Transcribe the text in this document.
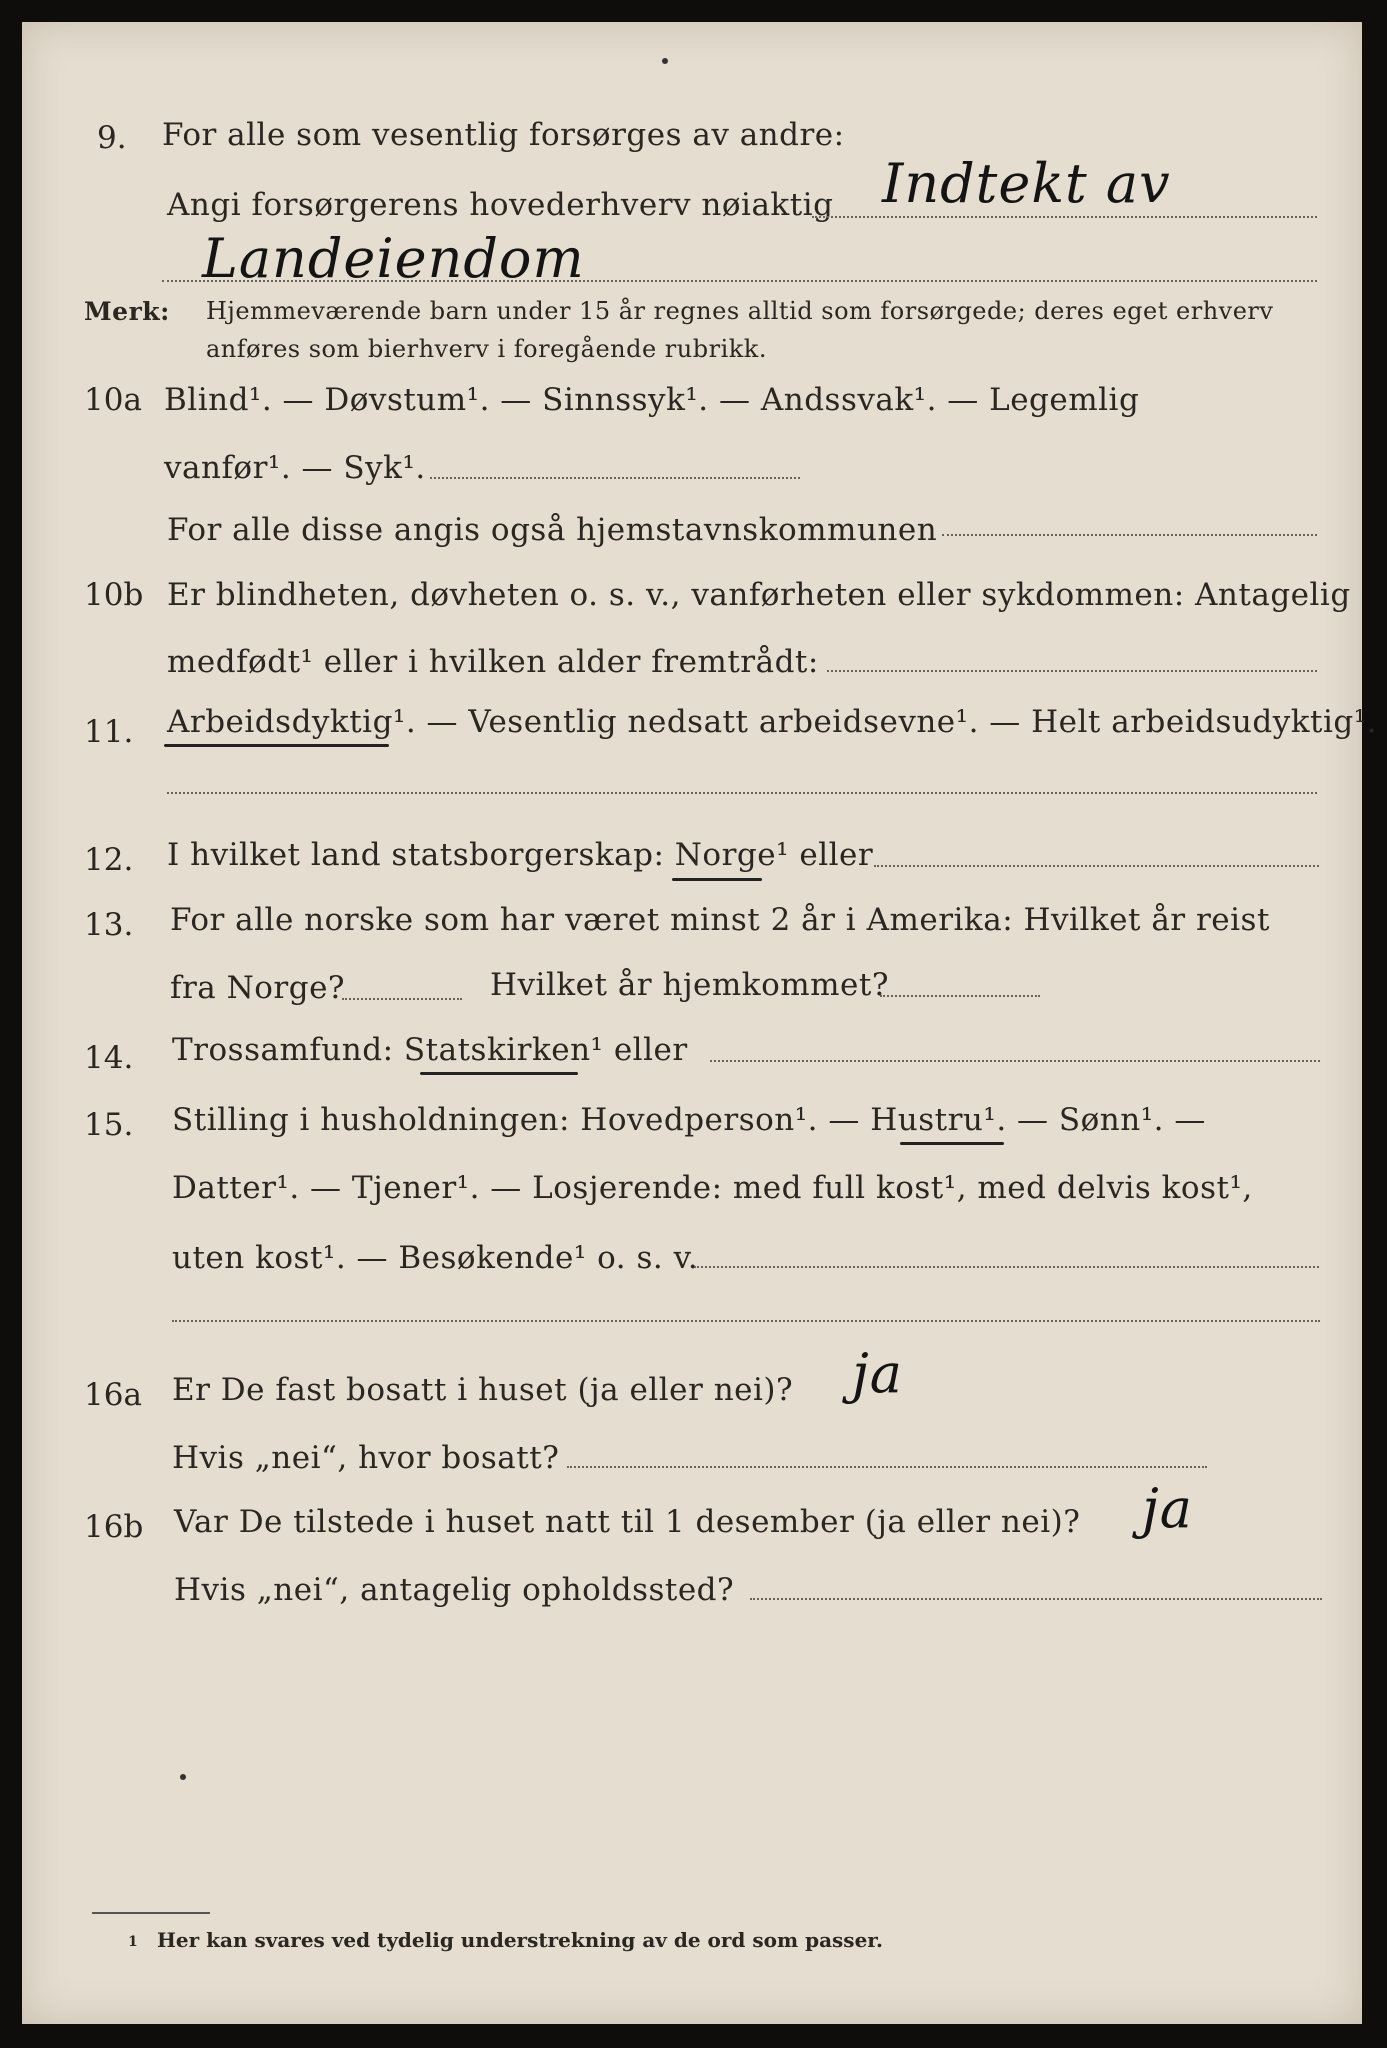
9. For alle som vesentlig forsørges av andre:
Angi forsørgerens hovederhverv nøiaktig Indtekt av
Landeiendom
Merk: Hjemmeværende barn under 15 år regnes alltid som forsørgede; deres eget erhverv
anføres som bierhverv i foregående rubrikk.
10a Blind¹. — Døvstum¹. — Sinnssyk¹. — Andssvak¹. — Legemlig
vanfør¹. — Syk¹.
For alle disse angis også hjemstavnskommunen
10b Er blindheten, døvheten o. s. v., vanførheten eller sykdommen: Antagelig
medfødt¹ eller i hvilken alder fremtrådt:
11. Arbeidsdyktig¹. — Vesentlig nedsatt arbeidsevne¹. — Helt arbeidsudyktig¹.
12. I hvilket land statsborgerskap: Norge¹ eller
13. For alle norske som har været minst 2 år i Amerika: Hvilket år reist
fra Norge?	Hvilket år hjemkommet?
14. Trossamfund: Statskirken¹ eller
15. Stilling i husholdningen: Hovedperson¹. — Hustru¹. — Sønn¹. —
Datter¹. — Tjener¹. — Losjerende: med full kost¹, med delvis kost¹,
uten kost¹. — Besøkende¹ o. s. v.
16a Er De fast bosatt i huset (ja eller nei)? ja
Hvis „nei“, hvor bosatt?
16b Var De tilstede i huset natt til 1 desember (ja eller nei)? ja
Hvis „nei“, antagelig opholdssted?
1 Her kan svares ved tydelig understrekning av de ord som passer.
